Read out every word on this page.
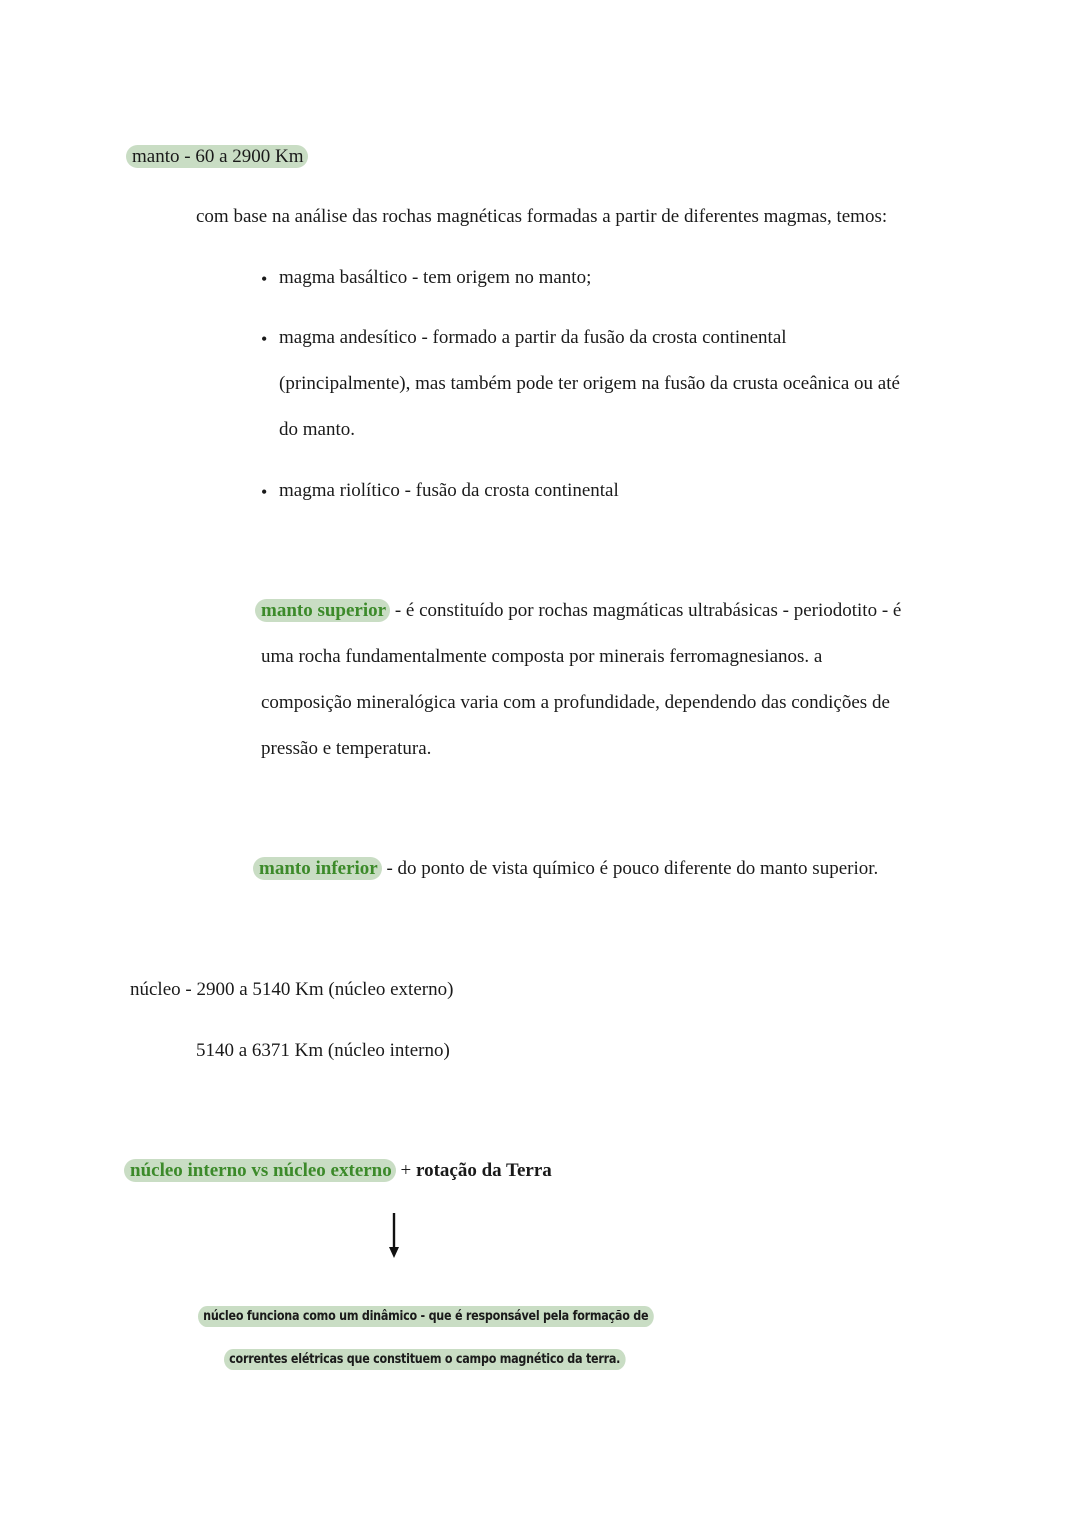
manto - 60 a 2900 Km
com base na análise das rochas magnéticas formadas a partir de diferentes magmas, temos:
• magma basáltico - tem origem no manto;
• magma andesítico - formado a partir da fusão da crosta continental
(principalmente), mas também pode ter origem na fusão da crusta oceânica ou até
do manto.
• magma riolítico - fusão da crosta continental
manto superior - é constituído por rochas magmáticas ultrabásicas - periodotito - é
uma rocha fundamentalmente composta por minerais ferromagnesianos. a
composição mineralógica varia com a profundidade, dependendo das condições de
pressão e temperatura.
manto inferior - do ponto de vista químico é pouco diferente do manto superior.
núcleo - 2900 a 5140 Km (núcleo externo)
5140 a 6371 Km (núcleo interno)
núcleo interno vs núcleo externo + rotação da Terra
núcleo funciona como um dinâmico - que é responsável pela formação de
correntes elétricas que constituem o campo magnético da terra.
